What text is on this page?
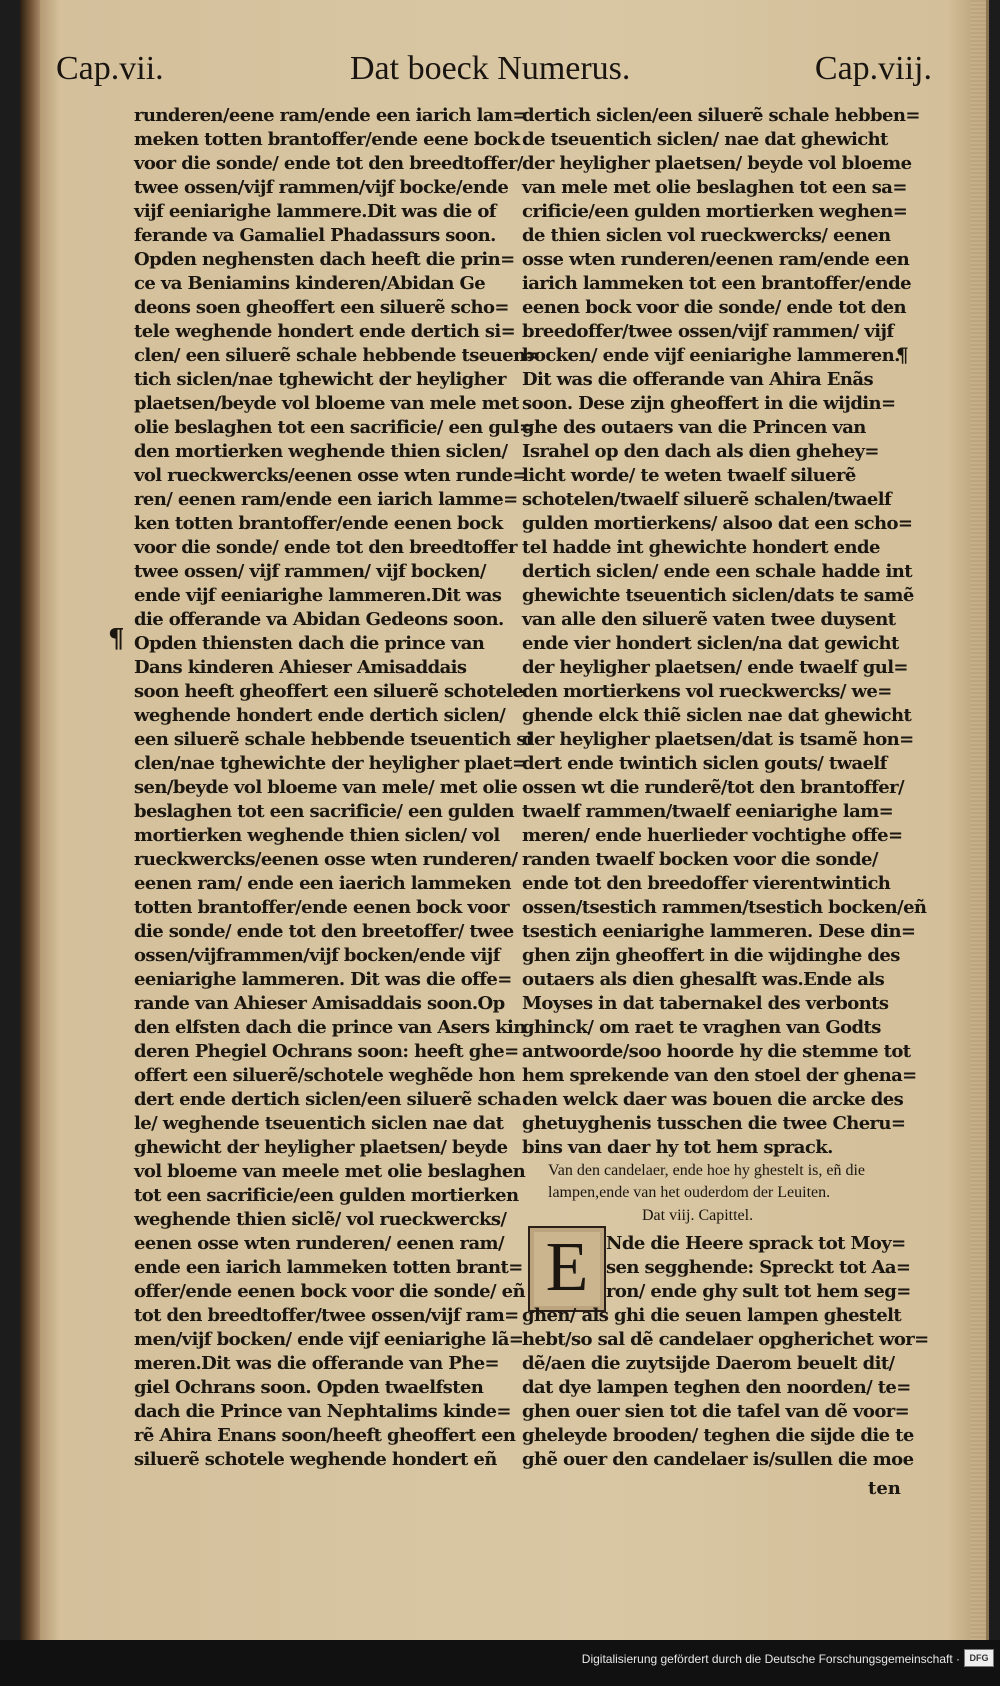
Cap.vii.	Dat boeck Numerus.	Cap.viij.
¶
¶
runderen/eene ram/ende een iarich lam=
meken totten brantoffer/ende eene bock
voor die sonde/ ende tot den breedtoffer/
twee ossen/vijf rammen/vijf bocke/ende
vijf eeniarighe lammere.Dit was die of
ferande va Gamaliel Phadassurs soon.
Opden neghensten dach heeft die prin=
ce va Beniamins kinderen/Abidan Ge
deons soen gheoffert een siluerẽ scho=
tele weghende hondert ende dertich si=
clen/ een siluerẽ schale hebbende tseuen=
tich siclen/nae tghewicht der heyligher
plaetsen/beyde vol bloeme van mele met
olie beslaghen tot een sacrificie/ een gul=
den mortierken weghende thien siclen/
vol rueckwercks/eenen osse wten runde=
ren/ eenen ram/ende een iarich lamme=
ken totten brantoffer/ende eenen bock
voor die sonde/ ende tot den breedtoffer
twee ossen/ vijf rammen/ vijf bocken/
ende vijf eeniarighe lammeren.Dit was
die offerande va Abidan Gedeons soon.
Opden thiensten dach die prince van
Dans kinderen Ahieser Amisaddais
soon heeft gheoffert een siluerẽ schotele
weghende hondert ende dertich siclen/
een siluerẽ schale hebbende tseuentich si
clen/nae tghewichte der heyligher plaet=
sen/beyde vol bloeme van mele/ met olie
beslaghen tot een sacrificie/ een gulden
mortierken weghende thien siclen/ vol
rueckwercks/eenen osse wten runderen/
eenen ram/ ende een iaerich lammeken
totten brantoffer/ende eenen bock voor
die sonde/ ende tot den breetoffer/ twee
ossen/vijframmen/vijf bocken/ende vijf
eeniarighe lammeren. Dit was die offe=
rande van Ahieser Amisaddais soon.Op
den elfsten dach die prince van Asers kin
deren Phegiel Ochrans soon: heeft ghe=
offert een siluerẽ/schotele weghẽde hon
dert ende dertich siclen/een siluerẽ scha
le/ weghende tseuentich siclen nae dat
ghewicht der heyligher plaetsen/ beyde
vol bloeme van meele met olie beslaghen
tot een sacrificie/een gulden mortierken
weghende thien siclẽ/ vol rueckwercks/
eenen osse wten runderen/ eenen ram/
ende een iarich lammeken totten brant=
offer/ende eenen bock voor die sonde/ eñ
tot den breedtoffer/twee ossen/vijf ram=
men/vijf bocken/ ende vijf eeniarighe lã=
meren.Dit was die offerande van Phe=
giel Ochrans soon. Opden twaelfsten
dach die Prince van Nephtalims kinde=
rẽ Ahira Enans soon/heeft gheoffert een
siluerẽ schotele weghende hondert eñ
dertich siclen/een siluerẽ schale hebben=
de tseuentich siclen/ nae dat ghewicht
der heyligher plaetsen/ beyde vol bloeme
van mele met olie beslaghen tot een sa=
crificie/een gulden mortierken weghen=
de thien siclen vol rueckwercks/ eenen
osse wten runderen/eenen ram/ende een
iarich lammeken tot een brantoffer/ende
eenen bock voor die sonde/ ende tot den
breedoffer/twee ossen/vijf rammen/ vijf
bocken/ ende vijf eeniarighe lammeren.
Dit was die offerande van Ahira Enãs
soon. Dese zijn gheoffert in die wijdin=
ghe des outaers van die Princen van
Israhel op den dach als dien ghehey=
licht worde/ te weten twaelf siluerẽ
schotelen/twaelf siluerẽ schalen/twaelf
gulden mortierkens/ alsoo dat een scho=
tel hadde int ghewichte hondert ende
dertich siclen/ ende een schale hadde int
ghewichte tseuentich siclen/dats te samẽ
van alle den siluerẽ vaten twee duysent
ende vier hondert siclen/na dat gewicht
der heyligher plaetsen/ ende twaelf gul=
den mortierkens vol rueckwercks/ we=
ghende elck thiẽ siclen nae dat ghewicht
der heyligher plaetsen/dat is tsamẽ hon=
dert ende twintich siclen gouts/ twaelf
ossen wt die runderẽ/tot den brantoffer/
twaelf rammen/twaelf eeniarighe lam=
meren/ ende huerlieder vochtighe offe=
randen twaelf bocken voor die sonde/
ende tot den breedoffer vierentwintich
ossen/tsestich rammen/tsestich bocken/eñ
tsestich eeniarighe lammeren. Dese din=
ghen zijn gheoffert in die wijdinghe des
outaers als dien ghesalft was.Ende als
Moyses in dat tabernakel des verbonts
ghinck/ om raet te vraghen van Godts
antwoorde/soo hoorde hy die stemme tot
hem sprekende van den stoel der ghena=
den welck daer was bouen die arcke des
ghetuyghenis tusschen die twee Cheru=
bins van daer hy tot hem sprack.
Van den candelaer, ende hoe hy ghestelt is, eñ die lampen,ende van het ouderdom der Leuiten.
Dat viij. Capittel.
E Nde die Heere sprack tot Moy=
sen segghende: Spreckt tot Aa=
ron/ ende ghy sult tot hem seg=
ghen/ als ghi die seuen lampen ghestelt
hebt/so sal dẽ candelaer opgherichet wor=
dẽ/aen die zuytsijde Daerom beuelt dit/
dat dye lampen teghen den noorden/ te=
ghen ouer sien tot die tafel van dẽ voor=
gheleyde brooden/ teghen die sijde die te
ghẽ ouer den candelaer is/sullen die moe
ten
Digitalisierung gefördert durch die Deutsche Forschungsgemeinschaft ·	DFG
